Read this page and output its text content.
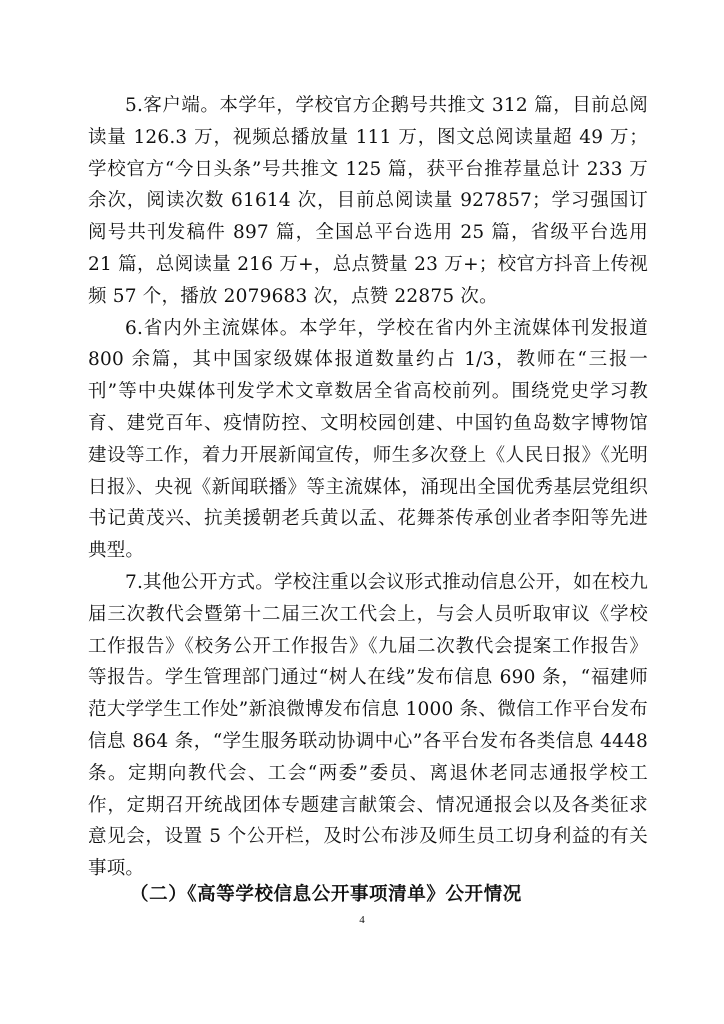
5.客户端。本学年，学校官方企鹅号共推文 312 篇，目前总阅读量 126.3 万，视频总播放量 111 万，图文总阅读量超 49 万；学校官方“今日头条”号共推文 125 篇，获平台推荐量总计 233 万余次，阅读次数 61614 次，目前总阅读量 927857；学习强国订阅号共刊发稿件 897 篇，全国总平台选用 25 篇，省级平台选用 21 篇，总阅读量 216 万+，总点赞量 23 万+；校官方抖音上传视频 57 个，播放 2079683 次，点赞 22875 次。

6.省内外主流媒体。本学年，学校在省内外主流媒体刊发报道 800 余篇，其中国家级媒体报道数量约占 1/3，教师在“三报一刊”等中央媒体刊发学术文章数居全省高校前列。围绕党史学习教育、建党百年、疫情防控、文明校园创建、中国钓鱼岛数字博物馆建设等工作，着力开展新闻宣传，师生多次登上《人民日报》《光明日报》、央视《新闻联播》等主流媒体，涌现出全国优秀基层党组织书记黄茂兴、抗美援朝老兵黄以孟、花舞茶传承创业者李阳等先进典型。

7.其他公开方式。学校注重以会议形式推动信息公开，如在校九届三次教代会暨第十二届三次工代会上，与会人员听取审议《学校工作报告》《校务公开工作报告》《九届二次教代会提案工作报告》等报告。学生管理部门通过“树人在线”发布信息 690 条，“福建师范大学学生工作处”新浪微博发布信息 1000 条、微信工作平台发布信息 864 条，“学生服务联动协调中心”各平台发布各类信息 4448 条。定期向教代会、工会“两委”委员、离退休老同志通报学校工作，定期召开统战团体专题建言献策会、情况通报会以及各类征求意见会，设置 5 个公开栏，及时公布涉及师生员工切身利益的有关事项。

（二）《高等学校信息公开事项清单》公开情况

4
